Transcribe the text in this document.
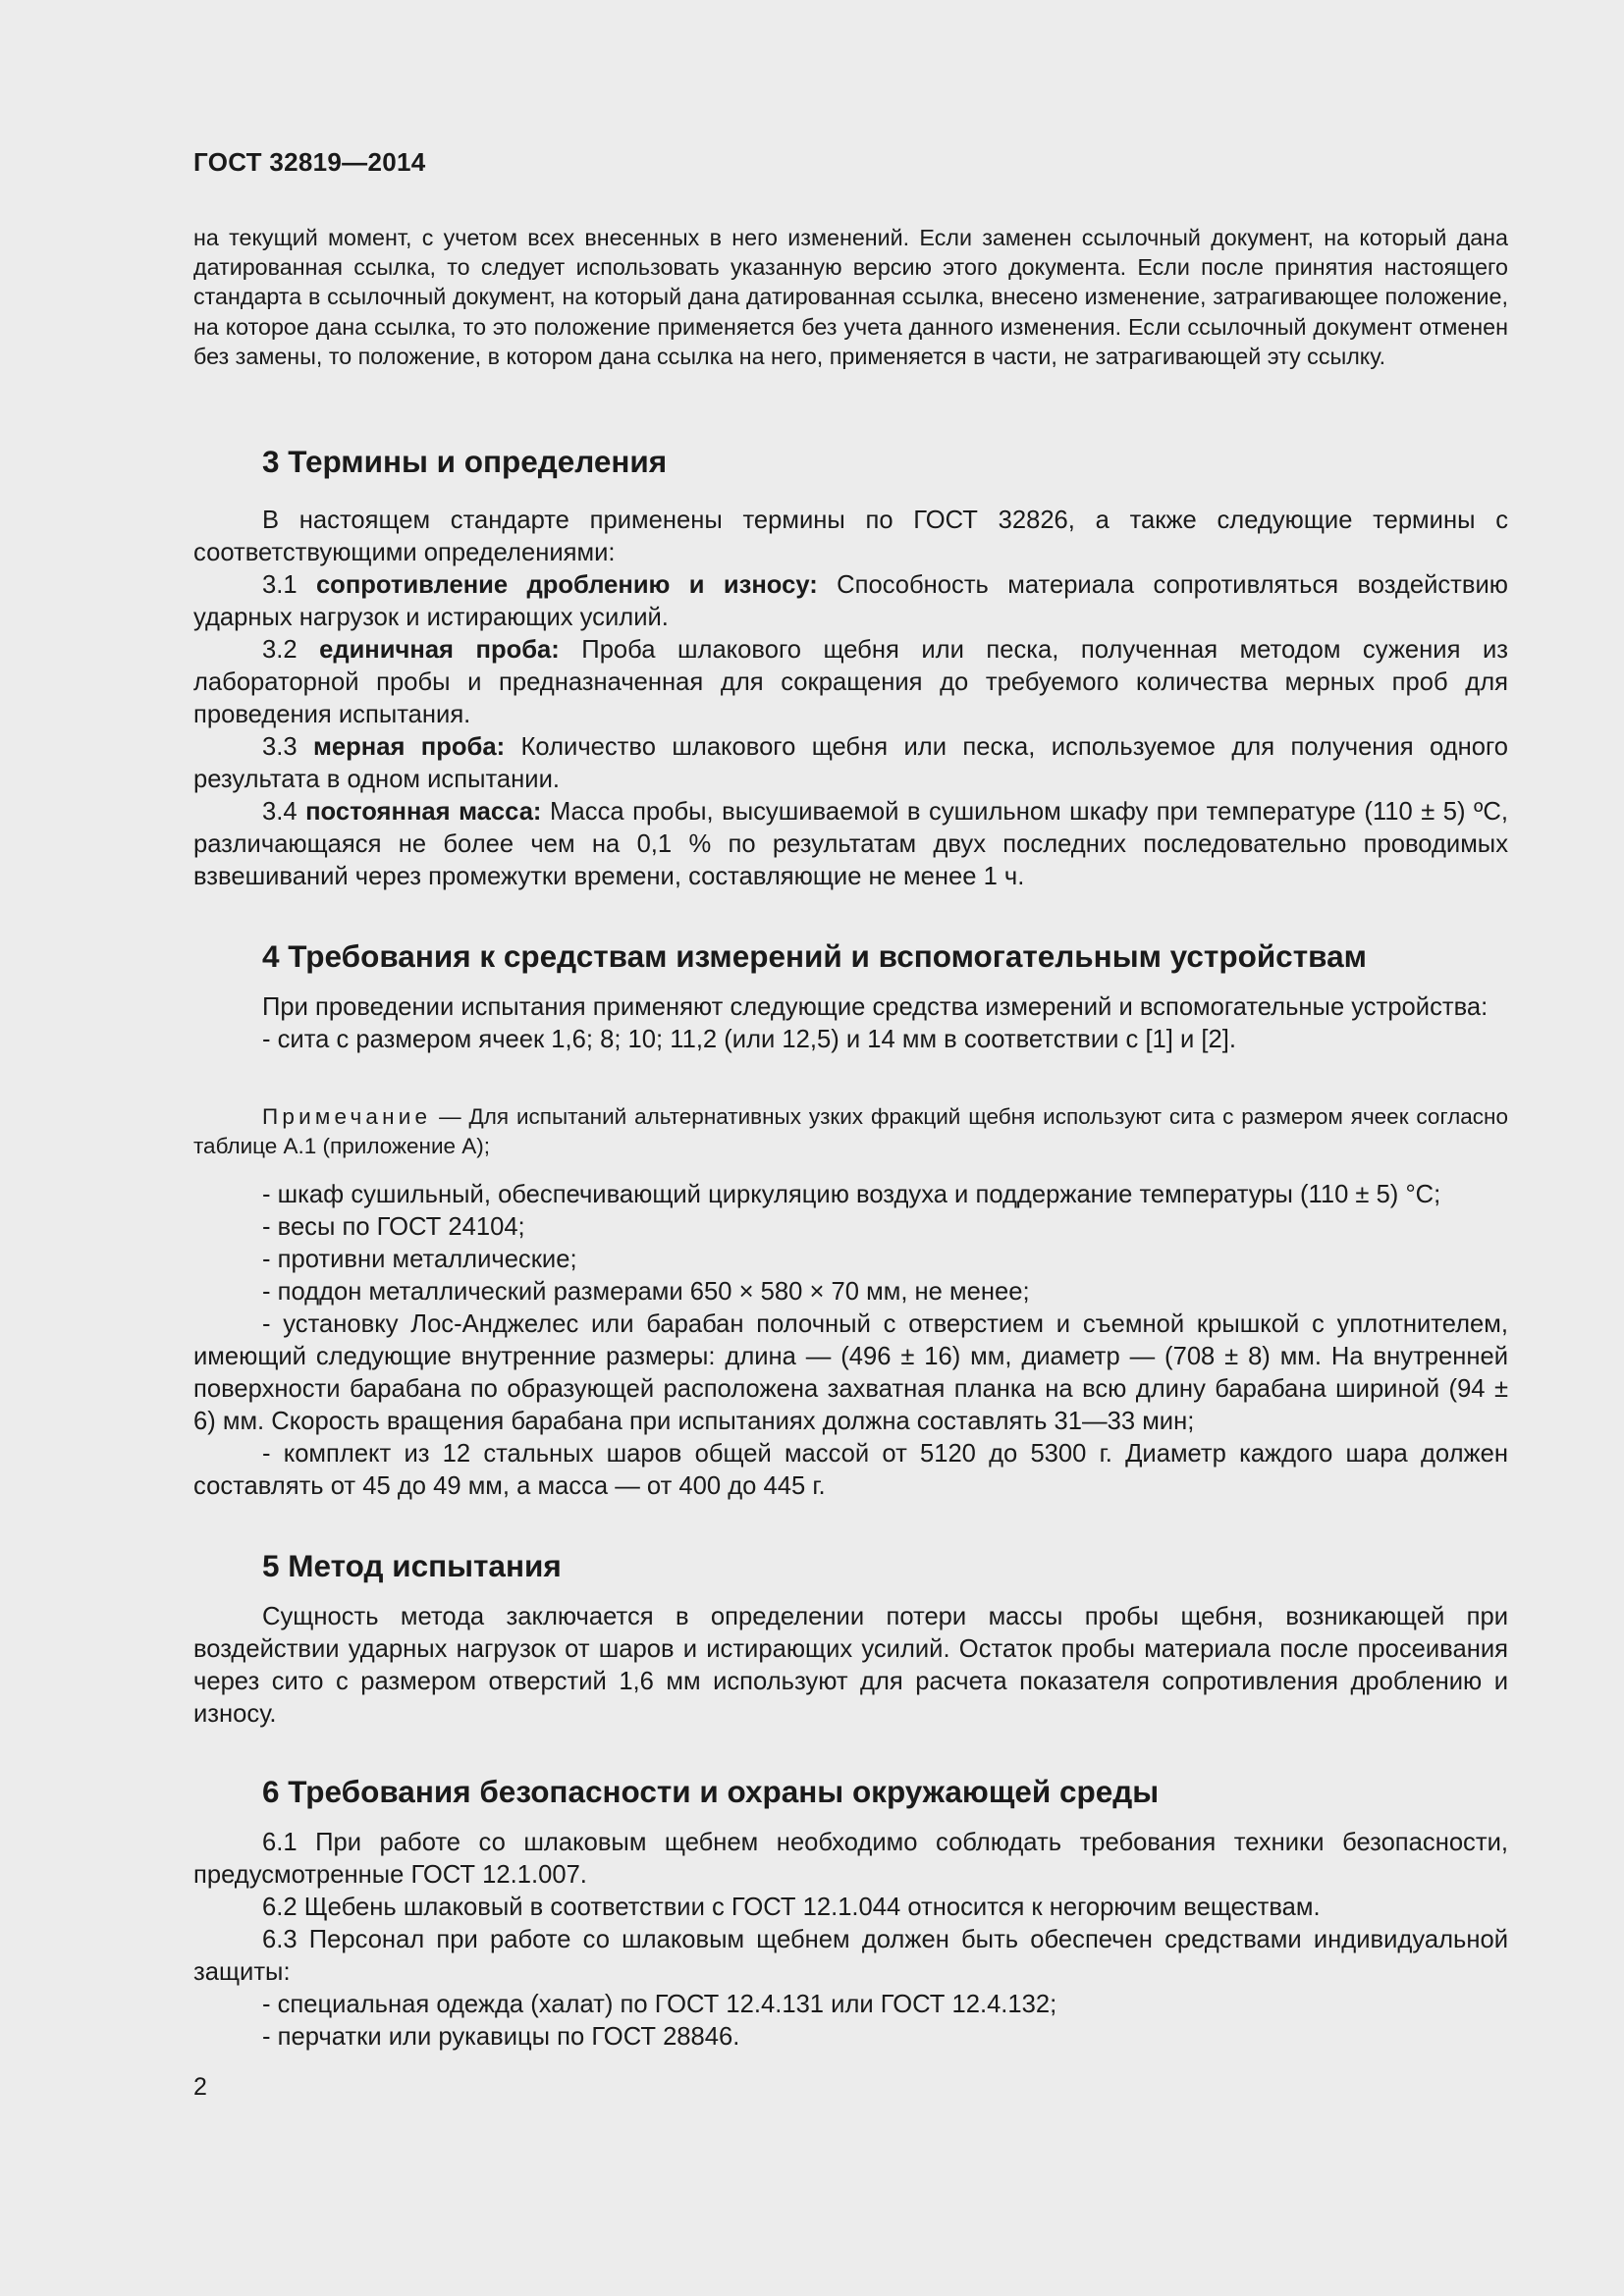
ГОСТ 32819—2014

на текущий момент, с учетом всех внесенных в него изменений. Если заменен ссылочный документ, на который дана датированная ссылка, то следует использовать указанную версию этого документа. Если после принятия настоящего стандарта в ссылочный документ, на который дана датированная ссылка, внесено изменение, затрагивающее положение, на которое дана ссылка, то это положение применяется без учета данного изменения. Если ссылочный документ отменен без замены, то положение, в котором дана ссылка на него, применяется в части, не затрагивающей эту ссылку.

3 Термины и определения

В настоящем стандарте применены термины по ГОСТ 32826, а также следующие термины с соответствующими определениями:

3.1 сопротивление дроблению и износу: Способность материала сопротивляться воздействию ударных нагрузок и истирающих усилий.

3.2 единичная проба: Проба шлакового щебня или песка, полученная методом сужения из лабораторной пробы и предназначенная для сокращения до требуемого количества мерных проб для проведения испытания.

3.3 мерная проба: Количество шлакового щебня или песка, используемое для получения одного результата в одном испытании.

3.4 постоянная масса: Масса пробы, высушиваемой в сушильном шкафу при температуре (110 ± 5) ºС, различающаяся не более чем на 0,1 % по результатам двух последних последовательно проводимых взвешиваний через промежутки времени, составляющие не менее 1 ч.

4 Требования к средствам измерений и вспомогательным устройствам

При проведении испытания применяют следующие средства измерений и вспомогательные устройства:

- сита с размером ячеек 1,6; 8; 10; 11,2 (или 12,5) и 14 мм в соответствии с [1] и [2].

Примечание — Для испытаний альтернативных узких фракций щебня используют сита с размером ячеек согласно таблице А.1 (приложение А);

- шкаф сушильный, обеспечивающий циркуляцию воздуха и поддержание температуры (110 ± 5) °С;

- весы по ГОСТ 24104;

- противни металлические;

- поддон металлический размерами 650 × 580 × 70 мм, не менее;

- установку Лос-Анджелес или барабан полочный с отверстием и съемной крышкой с уплотнителем, имеющий следующие внутренние размеры: длина — (496 ± 16) мм, диаметр — (708 ± 8) мм. На внутренней поверхности барабана по образующей расположена захватная планка на всю длину барабана шириной (94 ± 6) мм. Скорость вращения барабана при испытаниях должна составлять 31—33 мин;

- комплект из 12 стальных шаров общей массой от 5120 до 5300 г. Диаметр каждого шара должен составлять от 45 до 49 мм, а масса — от 400 до 445 г.

5 Метод испытания

Сущность метода заключается в определении потери массы пробы щебня, возникающей при воздействии ударных нагрузок от шаров и истирающих усилий. Остаток пробы материала после просеивания через сито с размером отверстий 1,6 мм используют для расчета показателя сопротивления дроблению и износу.

6 Требования безопасности и охраны окружающей среды

6.1 При работе со шлаковым щебнем необходимо соблюдать требования техники безопасности, предусмотренные ГОСТ 12.1.007.

6.2 Щебень шлаковый в соответствии с ГОСТ 12.1.044 относится к негорючим веществам.

6.3 Персонал при работе со шлаковым щебнем должен быть обеспечен средствами индивидуальной защиты:

- специальная одежда (халат) по ГОСТ 12.4.131 или ГОСТ 12.4.132;

- перчатки или рукавицы по ГОСТ 28846.

2
